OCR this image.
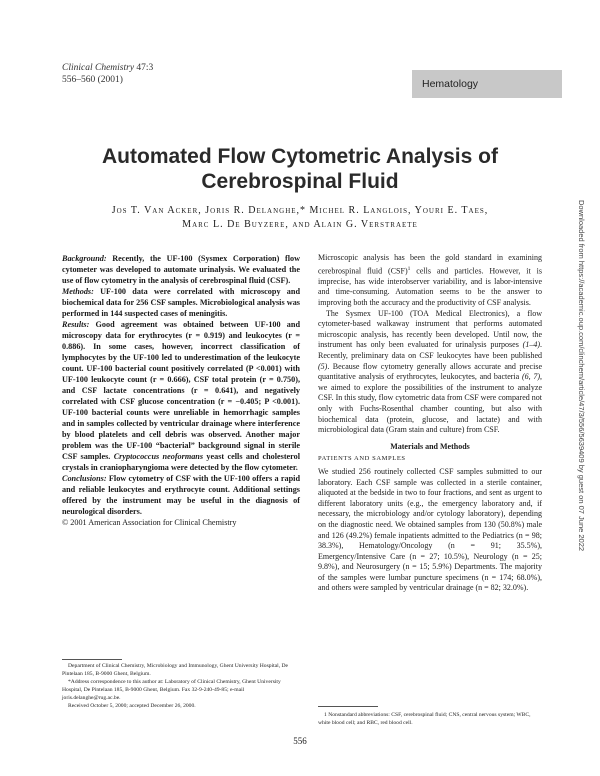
Clinical Chemistry 47:3
556–560 (2001)	Hematology
Automated Flow Cytometric Analysis of
Cerebrospinal Fluid

Jos T. Van Acker, Joris R. Delanghe,* Michel R. Langlois, Youri E. Taes,
Marc L. De Buyzere, and Alain G. Verstraete

Background: Recently, the UF-100 (Sysmex Corporation) flow cytometer was developed to automate urinalysis. We evaluated the use of flow cytometry in the analysis of cerebrospinal fluid (CSF).

Methods: UF-100 data were correlated with microscopy and biochemical data for 256 CSF samples. Microbiological analysis was performed in 144 suspected cases of meningitis.

Results: Good agreement was obtained between UF-100 and microscopy data for erythrocytes (r = 0.919) and leukocytes (r = 0.886). In some cases, however, incorrect classification of lymphocytes by the UF-100 led to underestimation of the leukocyte count. UF-100 bacterial count positively correlated (P <0.001) with UF-100 leukocyte count (r = 0.666), CSF total protein (r = 0.750), and CSF lactate concentrations (r = 0.641), and negatively correlated with CSF glucose concentration (r = −0.405; P <0.001). UF-100 bacterial counts were unreliable in hemorrhagic samples and in samples collected by ventricular drainage where interference by blood platelets and cell debris was observed. Another major problem was the UF-100 “bacterial” background signal in sterile CSF samples. Cryptococcus neoformans yeast cells and cholesterol crystals in craniopharyngioma were detected by the flow cytometer.

Conclusions: Flow cytometry of CSF with the UF-100 offers a rapid and reliable leukocytes and erythrocyte count. Additional settings offered by the instrument may be useful in the diagnosis of neurological disorders.

© 2001 American Association for Clinical Chemistry

Microscopic analysis has been the gold standard in examining cerebrospinal fluid (CSF)$^1$ cells and particles. However, it is imprecise, has wide interobserver variability, and is labor-intensive and time-consuming. Automation seems to be the answer to improving both the accuracy and the productivity of CSF analysis.

The Sysmex UF-100 (TOA Medical Electronics), a flow cytometer-based walkaway instrument that performs automated microscopic analysis, has recently been developed. Until now, the instrument has only been evaluated for urinalysis purposes (1–4). Recently, preliminary data on CSF leukocytes have been published (5). Because flow cytometry generally allows accurate and precise quantitative analysis of erythrocytes, leukocytes, and bacteria (6, 7), we aimed to explore the possibilities of the instrument to analyze CSF. In this study, flow cytometric data from CSF were compared not only with Fuchs-Rosenthal chamber counting, but also with biochemical data (protein, glucose, and lactate) and with microbiological data (Gram stain and culture) from CSF.

Materials and Methods

PATIENTS AND SAMPLES

We studied 256 routinely collected CSF samples submitted to our laboratory. Each CSF sample was collected in a sterile container, aliquoted at the bedside in two to four fractions, and sent as urgent to different laboratory units (e.g., the emergency laboratory and, if necessary, the microbiology and/or cytology laboratory), depending on the diagnostic need. We obtained samples from 130 (50.8%) male and 126 (49.2%) female inpatients admitted to the Pediatrics (n = 98; 38.3%), Hematology/Oncology (n = 91; 35.5%), Emergency/Intensive Care (n = 27; 10.5%), Neurology (n = 25; 9.8%), and Neurosurgery (n = 15; 5.9%) Departments. The majority of the samples were lumbar puncture specimens (n = 174; 68.0%), and others were sampled by ventricular drainage (n = 82; 32.0%).

Department of Clinical Chemistry, Microbiology and Immunology, Ghent University Hospital, De Pintelaan 185, B-9000 Ghent, Belgium.

*Address correspondence to this author at: Laboratory of Clinical Chemistry, Ghent University Hospital, De Pintelaan 185, B-9000 Ghent, Belgium. Fax 32-9-240-49-85; e-mail joris.delanghe@rug.ac.be.

Received October 5, 2000; accepted December 26, 2000.

1 Nonstandard abbreviations: CSF, cerebrospinal fluid; CNS, central nervous system; WBC, white blood cell; and RBC, red blood cell.

556
Downloaded from https://academic.oup.com/clinchem/article/47/3/556/5639409 by guest on 07 June 2022
